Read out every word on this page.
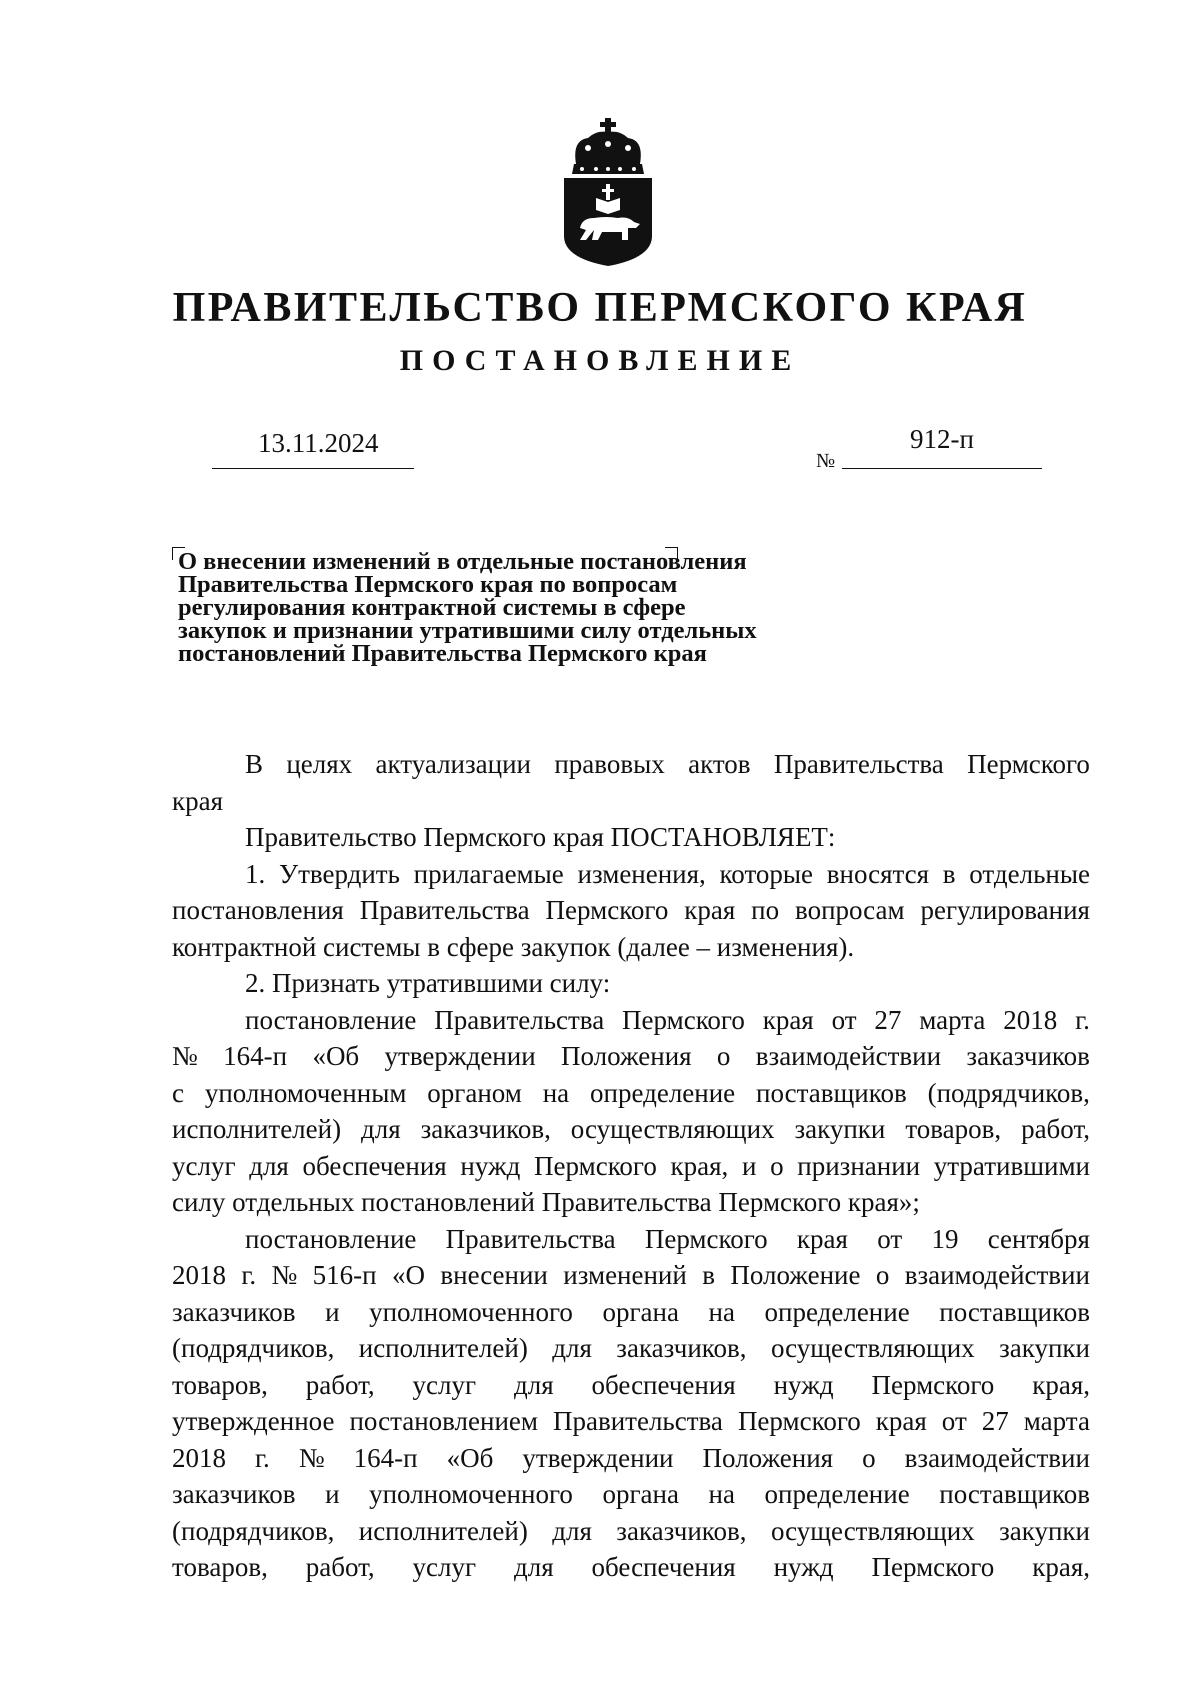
ПРАВИТЕЛЬСТВО ПЕРМСКОГО КРАЯ
ПОСТАНОВЛЕНИЕ
13.11.2024
№
912-п
О внесении изменений в отдельные постановления
Правительства Пермского края по вопросам
регулирования контрактной системы в сфере
закупок и признании утратившими силу отдельных
постановлений Правительства Пермского края
В целях актуализации правовых актов Правительства Пермского
края
Правительство Пермского края ПОСТАНОВЛЯЕТ:
1. Утвердить прилагаемые изменения, которые вносятся в отдельные
постановления Правительства Пермского края по вопросам регулирования
контрактной системы в сфере закупок (далее – изменения).
2. Признать утратившими силу:
постановление Правительства Пермского края от 27 марта 2018 г.
№ 164-п «Об утверждении Положения о взаимодействии заказчиков
с уполномоченным органом на определение поставщиков (подрядчиков,
исполнителей) для заказчиков, осуществляющих закупки товаров, работ,
услуг для обеспечения нужд Пермского края, и о признании утратившими
силу отдельных постановлений Правительства Пермского края»;
постановление Правительства Пермского края от 19 сентября
2018 г. № 516-п «О внесении изменений в Положение о взаимодействии
заказчиков и уполномоченного органа на определение поставщиков
(подрядчиков, исполнителей) для заказчиков, осуществляющих закупки
товаров, работ, услуг для обеспечения нужд Пермского края,
утвержденное постановлением Правительства Пермского края от 27 марта
2018 г. № 164-п «Об утверждении Положения о взаимодействии
заказчиков и уполномоченного органа на определение поставщиков
(подрядчиков, исполнителей) для заказчиков, осуществляющих закупки
товаров, работ, услуг для обеспечения нужд Пермского края,
